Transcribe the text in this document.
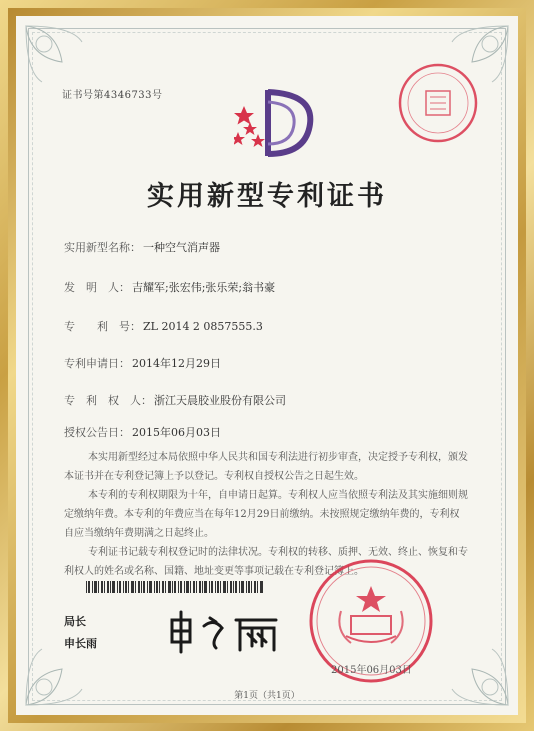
证书号第4346733号
实用新型专利证书
实用新型名称： 一种空气消声器
发　明　人： 吉耀军;张宏伟;张乐荣;翁书豪
专　　利　号： ZL 2014 2 0857555.3
专利申请日： 2014年12月29日
专　利　权　人： 浙江天晨胶业股份有限公司
授权公告日： 2015年06月03日

本实用新型经过本局依照中华人民共和国专利法进行初步审查，决定授予专利权，颁发本证书并在专利登记簿上予以登记。专利权自授权公告之日起生效。

本专利的专利权期限为十年，自申请日起算。专利权人应当依照专利法及其实施细则规定缴纳年费。本专利的年费应当在每年12月29日前缴纳。未按照规定缴纳年费的，专利权自应当缴纳年费期满之日起终止。

专利证书记载专利权登记时的法律状况。专利权的转移、质押、无效、终止、恢复和专利权人的姓名或名称、国籍、地址变更等事项记载在专利登记簿上。

局长
申长雨
2015年06月03日
第1页（共1页）
